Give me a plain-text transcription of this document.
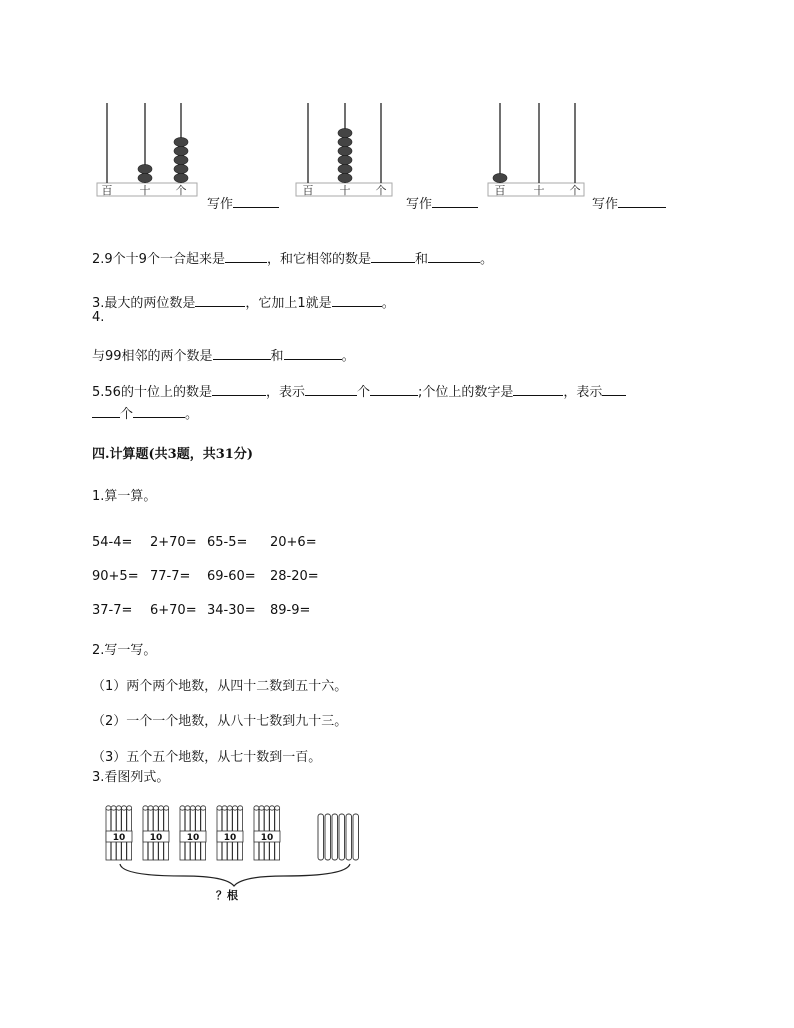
百 十 个	百 十 个	百	十 个
写作	写作	写作
2.9个十9个一合起来是	，和它相邻的数是	和	。
3.最大的两位数是	，它加上1就是	。
4.
与99相邻的两个数是	和	。
5.56的十位上的数是	，表示	个	;个位上的数字是	，表示
个	。
四.计算题(共3题，共31分)
1.算一算。
54-4= 2+70= 65-5= 20+6=
90+5= 77-7= 69-60= 28-20=
37-7= 6+70= 34-30= 89-9=
2.写一写。
（1）两个两个地数，从四十二数到五十六。
（2）一个一个地数，从八十七数到九十三。
（3）五个五个地数，从七十数到一百。
3.看图列式。
10	10	10	10	10
？根
